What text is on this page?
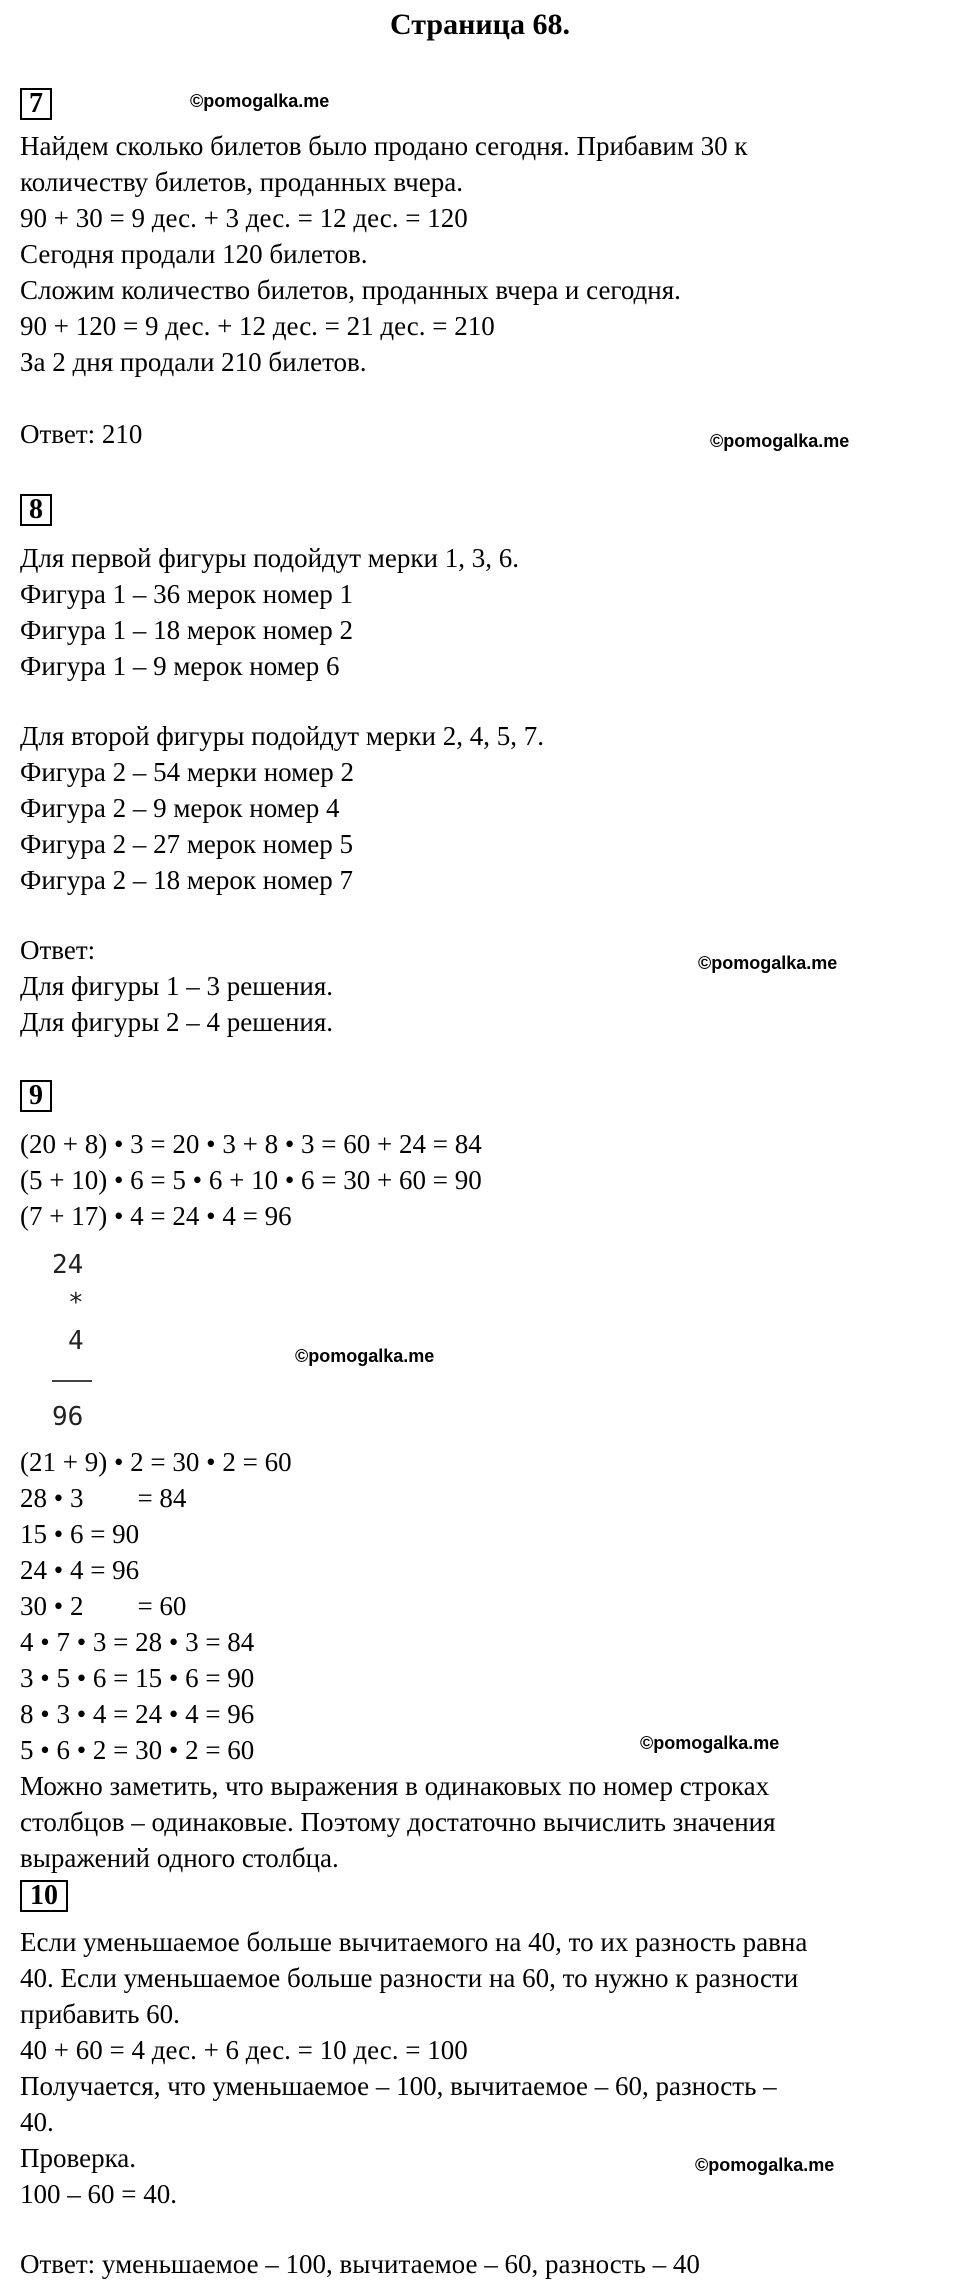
Страница 68.
7	©pomogalka.me
Найдем сколько билетов было продано сегодня. Прибавим 30 к
количеству билетов, проданных вчера.
90 + 30 = 9 дес. + 3 дес. = 12 дес. = 120
Сегодня продали 120 билетов.
Сложим количество билетов, проданных вчера и сегодня.
90 + 120 = 9 дес. + 12 дес. = 21 дес. = 210
За 2 дня продали 210 билетов.
Ответ: 210	©pomogalka.me
8
Для первой фигуры подойдут мерки 1, 3, 6.
Фигура 1 – 36 мерок номер 1
Фигура 1 – 18 мерок номер 2
Фигура 1 – 9 мерок номер 6
Для второй фигуры подойдут мерки 2, 4, 5, 7.
Фигура 2 – 54 мерки номер 2
Фигура 2 – 9 мерок номер 4
Фигура 2 – 27 мерок номер 5
Фигура 2 – 18 мерок номер 7
Ответ:	©pomogalka.me
Для фигуры 1 – 3 решения.
Для фигуры 2 – 4 решения.
9
(20 + 8) • 3 = 20 • 3 + 8 • 3 = 60 + 24 = 84
(5 + 10) • 6 = 5 • 6 + 10 • 6 = 30 + 60 = 90
(7 + 17) • 4 = 24 • 4 = 96
24
*
4
96
©pomogalka.me
(21 + 9) • 2 = 30 • 2 = 60
28 • 3        = 84
15 • 6 = 90
24 • 4 = 96
30 • 2        = 60
4 • 7 • 3 = 28 • 3 = 84
3 • 5 • 6 = 15 • 6 = 90
8 • 3 • 4 = 24 • 4 = 96
5 • 6 • 2 = 30 • 2 = 60	©pomogalka.me
Можно заметить, что выражения в одинаковых по номер строках
столбцов – одинаковые. Поэтому достаточно вычислить значения
выражений одного столбца.
10
Если уменьшаемое больше вычитаемого на 40, то их разность равна
40. Если уменьшаемое больше разности на 60, то нужно к разности
прибавить 60.
40 + 60 = 4 дес. + 6 дес. = 10 дес. = 100
Получается, что уменьшаемое – 100, вычитаемое – 60, разность –
40.
Проверка.	©pomogalka.me
100 – 60 = 40.
Ответ: уменьшаемое – 100, вычитаемое – 60, разность – 40
